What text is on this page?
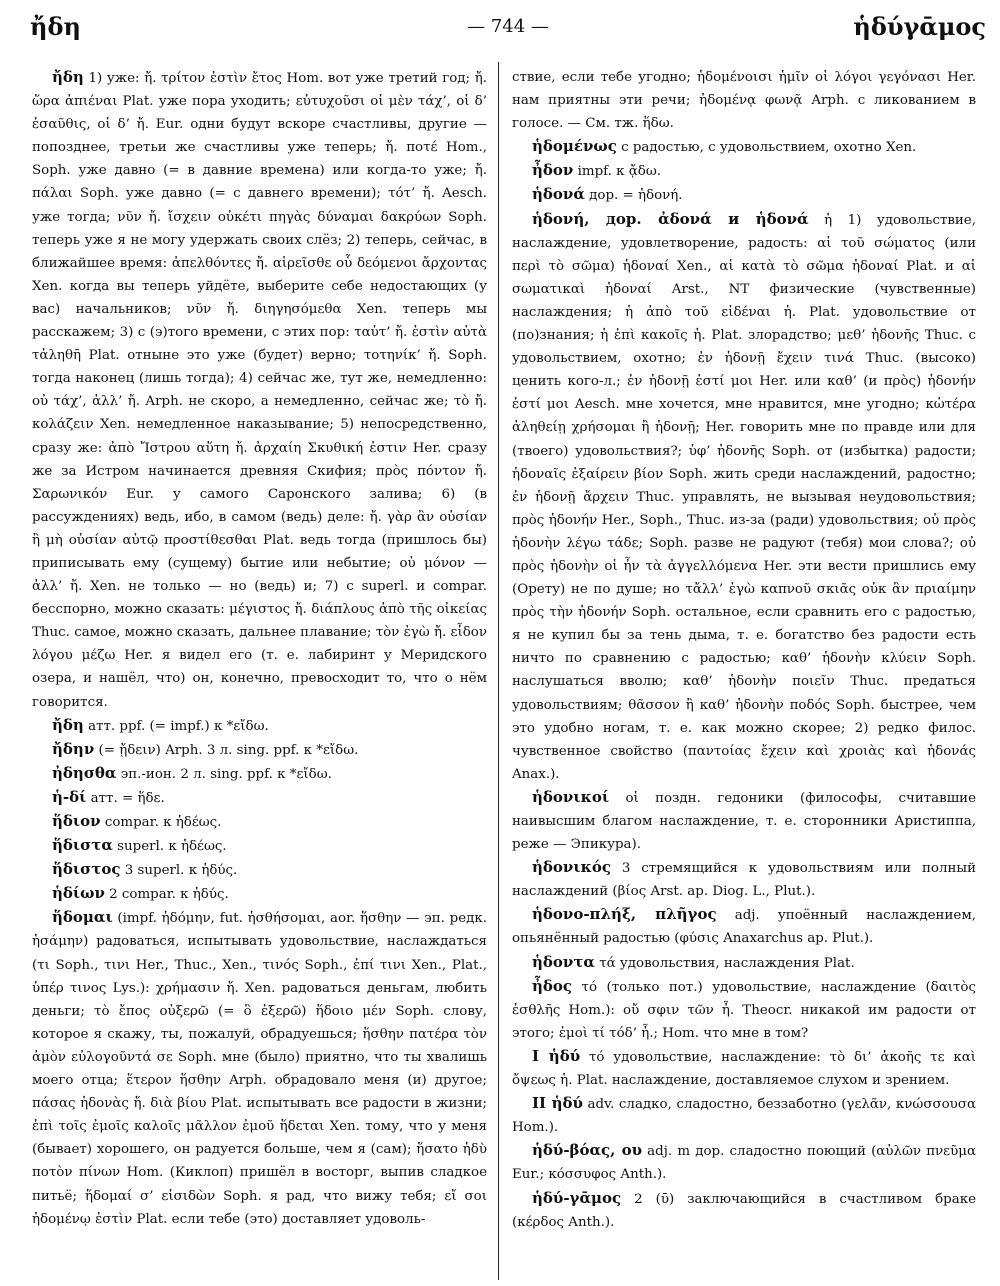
ἤδη	— 744 —	ἡδύγᾱμος

ἤδη 1) уже: ἤ. τρίτον ἐστὶν ἔτος Hom. вот уже третий год; ἤ. ὥρα ἀπιέναι Plat. уже пора уходить; εὐτυχοῦσι οἱ μὲν τάχ’, οἱ δ’ ἐσαῦθις, οἱ δ’ ἤ. Eur. одни будут вскоре счастливы, другие — попозднее, третьи же счастливы уже теперь; ἤ. ποτέ Hom., Soph. уже давно (= в давние времена) или когда-то уже; ἤ. πάλαι Soph. уже давно (= с давнего времени); τότ’ ἤ. Aesch. уже тогда; νῦν ἤ. ἴσχειν οὐκέτι πηγὰς δύναμαι δακρύων Soph. теперь уже я не могу удержать своих слёз; 2) теперь, сейчас, в ближайшее время: ἀπελθόντες ἤ. αἱρεῖσθε οὗ δεόμενοι ἄρχοντας Xen. когда вы теперь уйдёте, выберите себе недостающих (у вас) начальников; νῦν ἤ. διηγησόμεθα Xen. теперь мы расскажем; 3) с (э)того времени, с этих пор: ταὐτ’ ἤ. ἐστὶν αὐτὰ τἀληθῆ Plat. отныне это уже (будет) верно; τοτηνίκ’ ἤ. Soph. тогда наконец (лишь тогда); 4) сейчас же, тут же, немедленно: οὐ τάχ’, ἀλλ’ ἤ. Arph. не скоро, а немедленно, сейчас же; τὸ ἤ. κολάζειν Xen. немедленное наказывание; 5) непосредственно, сразу же: ἀπὸ Ἴστρου αὕτη ἤ. ἀρχαίη Σκυθική ἐστιν Her. сразу же за Истром начинается древняя Скифия; πρὸς πόντον ἤ. Σαρωνικόν Eur. у самого Саронского залива; 6) (в рассуждениях) ведь, ибо, в самом (ведь) деле: ἤ. γὰρ ἂν οὐσίαν ἢ μὴ οὐσίαν αὐτῷ προστίθεσθαι Plat. ведь тогда (пришлось бы) приписывать ему (сущему) бытие или небытие; οὐ μόνον — ἀλλ’ ἤ. Xen. не только — но (ведь) и; 7) с superl. и compar. бесспорно, можно сказать: μέγιστος ἤ. διάπλους ἀπὸ τῆς οἰκείας Thuc. самое, можно сказать, дальнее плавание; τὸν ἐγὼ ἤ. εἶδον λόγου μέζω Her. я видел его (т. е. лабиринт у Меридского озера, и нашёл, что) он, конечно, превосходит то, что о нём говорится.

ἤδη атт. ppf. (= impf.) к *εἴδω.

ἤδην (= ᾔδειν) Arph. 3 л. sing. ppf. к *εἴδω.

ἠδησθα эп.-ион. 2 л. sing. ppf. к *εἴδω.

ἡ-δί атт. = ἥδε.

ἥδιον compar. к ἡδέως.

ἥδιστα superl. к ἡδέως.

ἥδιστος 3 superl. к ἡδύς.

ἡδίων 2 compar. к ἡδύς.

ἥδομαι (impf. ἡδόμην, fut. ἡσθήσομαι, aor. ἥσθην — эп. редк. ἡσάμην) радоваться, испытывать удовольствие, наслаждаться (τι Soph., τινι Her., Thuc., Xen., τινός Soph., ἐπί τινι Xen., Plat., ὑπέρ τινος Lys.): χρήμασιν ἤ. Xen. радоваться деньгам, любить деньги; τὸ ἔπος οὐξερῶ (= ὃ ἐξερῶ) ἥδοιο μέν Soph. слову, которое я скажу, ты, пожалуй, обрадуешься; ἥσθην πατέρα τὸν ἀμὸν εὐλογοῦντά σε Soph. мне (было) приятно, что ты хвалишь моего отца; ἕτερον ἥσθην Arph. обрадовало меня (и) другое; πάσας ἡδονὰς ἤ. διὰ βίου Plat. испытывать все радости в жизни; ἐπὶ τοῖς ἐμοῖς καλοῖς μᾶλλον ἐμοῦ ἥδεται Xen. тому, что у меня (бывает) хорошего, он радуется больше, чем я (сам); ἥσατο ἡδὺ ποτὸν πίνων Hom. (Киклоп) пришёл в восторг, выпив сладкое питьё; ἥδομαί σ’ εἰσιδὼν Soph. я рад, что вижу тебя; εἴ σοι ἡδομένῳ ἐστὶν Plat. если тебе (это) доставляет удоволь-

ствие, если тебе угодно; ἡδομένοισι ἡμῖν οἱ λόγοι γεγόνασι Her. нам приятны эти речи; ἡδομένᾳ φωνᾷ Arph. с ликованием в голосе. — См. тж. ἥδω.

ἡδομένως с радостью, с удовольствием, охотно Xen.

ἦδον impf. к ᾄδω.

ἡδονά дор. = ἡδονή.

ἡδονή, дор. ἀδονά и ἡδονά ἡ 1) удовольствие, наслаждение, удовлетворение, радость: αἱ τοῦ σώματος (или περὶ τὸ σῶμα) ἡδοναί Xen., αἱ κατὰ τὸ σῶμα ἡδοναί Plat. и αἱ σωματικαὶ ἡδοναί Arst., NT физические (чувственные) наслаждения; ἡ ἀπὸ τοῦ εἰδέναι ἡ. Plat. удовольствие от (по)знания; ἡ ἐπὶ κακοῖς ἡ. Plat. злорадство; μεθ’ ἡδονῆς Thuc. с удовольствием, охотно; ἐν ἡδονῇ ἔχειν τινά Thuc. (высоко) ценить кого-л.; ἐν ἡδονῇ ἐστί μοι Her. или καθ’ (и πρὸς) ἡδονήν ἐστί μοι Aesch. мне хочется, мне нравится, мне угодно; κὠτέρα ἀληθείῃ χρήσομαι ἢ ἡδονῇ; Her. говорить мне по правде или для (твоего) удовольствия?; ὑφ’ ἡδονῆς Soph. от (избытка) радости; ἡδοναῖς ἐξαίρειν βίον Soph. жить среди наслаждений, радостно; ἐν ἡδονῇ ἄρχειν Thuc. управлять, не вызывая неудовольствия; πρὸς ἡδονήν Her., Soph., Thuc. из-за (ради) удовольствия; οὐ πρὸς ἡδονὴν λέγω τάδε; Soph. разве не радуют (тебя) мои слова?; οὐ πρὸς ἡδονὴν οἱ ἦν τὰ ἀγγελλόμενα Her. эти вести пришлись ему (Орету) не по душе; но τἄλλ’ ἐγὼ καπνοῦ σκιᾶς οὐκ ἂν πριαίμην πρὸς τὴν ἡδονήν Soph. остальное, если сравнить его с радостью, я не купил бы за тень дыма, т. е. богатство без радости есть ничто по сравнению с радостью; καθ’ ἡδονὴν κλύειν Soph. наслушаться вволю; καθ’ ἡδονὴν ποιεῖν Thuc. предаться удовольствиям; θᾶσσον ἢ καθ’ ἡδονὴν ποδός Soph. быстрее, чем это удобно ногам, т. е. как можно скорее; 2) редко филос. чувственное свойство (παντοίας ἔχειν καὶ χροιὰς καὶ ἡδονάς Anax.).

ἡδονικοί οἱ поздн. гедоники (философы, считавшие наивысшим благом наслаждение, т. е. сторонники Аристиппа, реже — Эпикура).

ἡδονικός 3 стремящийся к удовольствиям или полный наслаждений (βίος Arst. ap. Diog. L., Plut.).

ἡδονο-πλήξ, πλῆγος adj. упоённый наслаждением, опьянённый радостью (φύσις Anaxarchus ap. Plut.).

ἡδοντα τά удовольствия, наслаждения Plat.

ἦδος τό (только пот.) удовольствие, наслаждение (δαιτὸς ἐσθλῆς Hom.): οὔ σφιν τῶν ἦ. Theocr. никакой им радости от этого; ἐμοὶ τί τόδ’ ἦ.; Hom. что мне в том?

I ἡδύ τό удовольствие, наслаждение: τὸ δι’ ἀκοῆς τε καὶ ὄψεως ἡ. Plat. наслаждение, доставляемое слухом и зрением.

II ἡδύ adv. сладко, сладостно, беззаботно (γελᾶν, κνώσσουσα Hom.).

ἡδύ-βόας, ου adj. m дор. сладостно поющий (αὐλῶν πνεῦμα Eur.; κόσσυφος Anth.).

ἡδύ-γᾱμος 2 (ῡ) заключающийся в счастливом браке (κέρδος Anth.).
